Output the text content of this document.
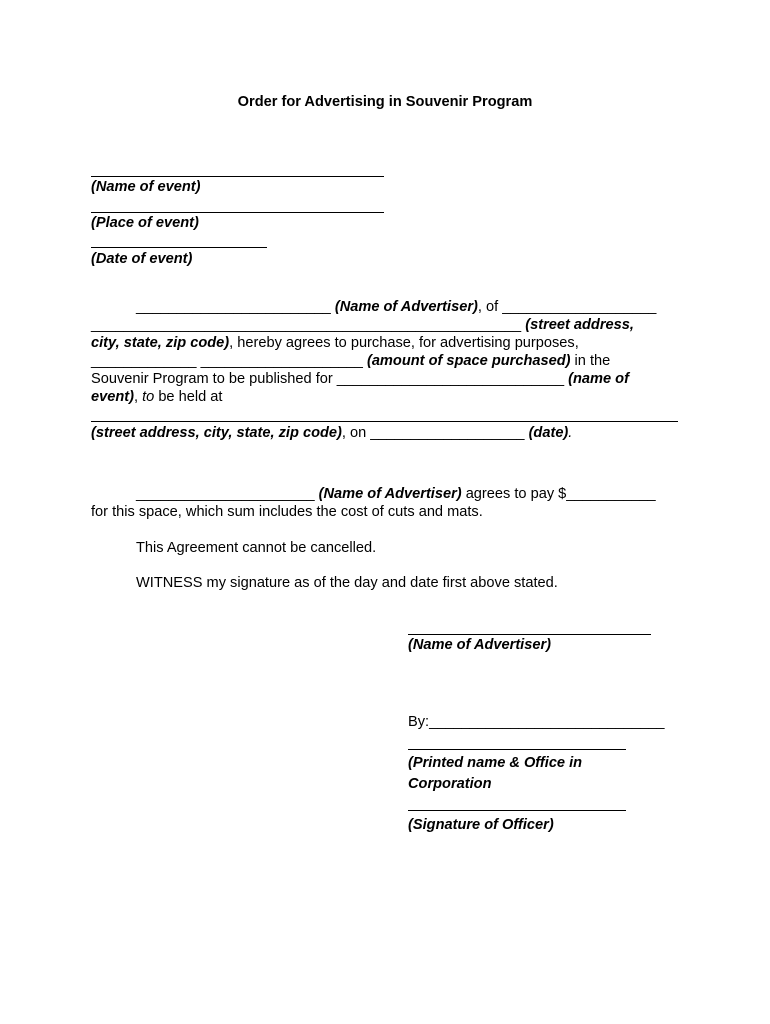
Order for Advertising in Souvenir Program
(Name of event)
(Place of event)
(Date of event)
________________________ (Name of Advertiser), of ___________________
_____________________________________________________ (street address,
city, state, zip code), hereby agrees to purchase, for advertising purposes,
_____________ ____________________ (amount of space purchased) in the
Souvenir Program to be published for ____________________________ (name of
event), to be held at
(street address, city, state, zip code), on ___________________ (date).
______________________ (Name of Advertiser) agrees to pay $___________
for this space, which sum includes the cost of cuts and mats.
This Agreement cannot be cancelled.
WITNESS my signature as of the day and date first above stated.
(Name of Advertiser)
By:_____________________________
(Printed name & Office in
Corporation
(Signature of Officer)
